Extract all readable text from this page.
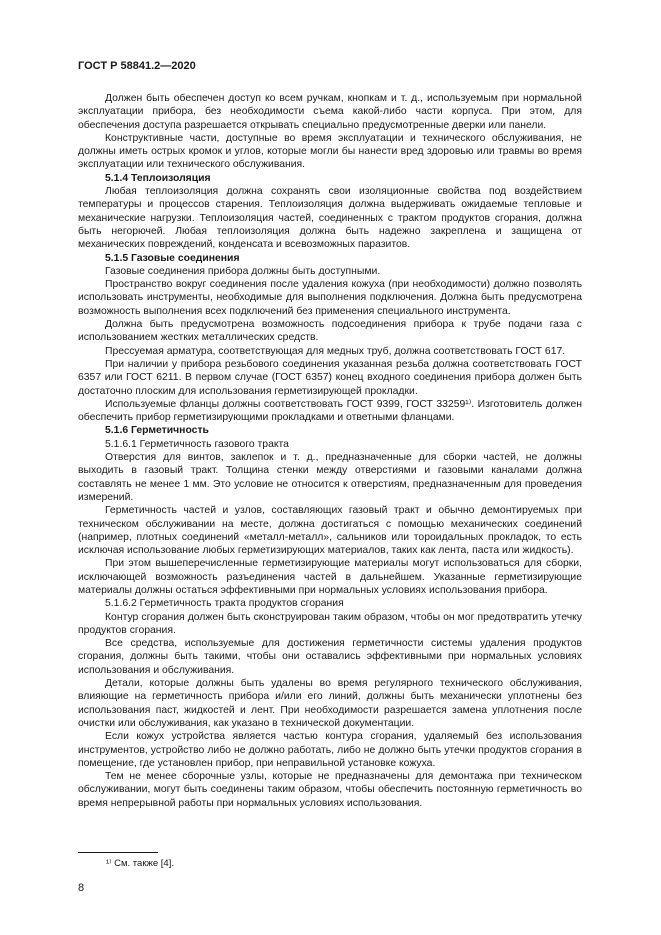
ГОСТ Р 58841.2—2020

Должен быть обеспечен доступ ко всем ручкам, кнопкам и т. д., используемым при нормальной эксплуатации прибора, без необходимости съема какой-либо части корпуса. При этом, для обеспечения доступа разрешается открывать специально предусмотренные дверки или панели.

Конструктивные части, доступные во время эксплуатации и технического обслуживания, не должны иметь острых кромок и углов, которые могли бы нанести вред здоровью или травмы во время эксплуатации или технического обслуживания.

5.1.4 Теплоизоляция

Любая теплоизоляция должна сохранять свои изоляционные свойства под воздействием температуры и процессов старения. Теплоизоляция должна выдерживать ожидаемые тепловые и механические нагрузки. Теплоизоляция частей, соединенных с трактом продуктов сгорания, должна быть негорючей. Любая теплоизоляция должна быть надежно закреплена и защищена от механических повреждений, конденсата и всевозможных паразитов.

5.1.5 Газовые соединения

Газовые соединения прибора должны быть доступными.

Пространство вокруг соединения после удаления кожуха (при необходимости) должно позволять использовать инструменты, необходимые для выполнения подключения. Должна быть предусмотрена возможность выполнения всех подключений без применения специального инструмента.

Должна быть предусмотрена возможность подсоединения прибора к трубе подачи газа с использованием жестких металлических средств.

Прессуемая арматура, соответствующая для медных труб, должна соответствовать ГОСТ 617.

При наличии у прибора резьбового соединения указанная резьба должна соответствовать ГОСТ 6357 или ГОСТ 6211. В первом случае (ГОСТ 6357) конец входного соединения прибора должен быть достаточно плоским для использования герметизирующей прокладки.

Используемые фланцы должны соответствовать ГОСТ 9399, ГОСТ 33259¹⁾. Изготовитель должен обеспечить прибор герметизирующими прокладками и ответными фланцами.

5.1.6 Герметичность

5.1.6.1 Герметичность газового тракта

Отверстия для винтов, заклепок и т. д., предназначенные для сборки частей, не должны выходить в газовый тракт. Толщина стенки между отверстиями и газовыми каналами должна составлять не менее 1 мм. Это условие не относится к отверстиям, предназначенным для проведения измерений.

Герметичность частей и узлов, составляющих газовый тракт и обычно демонтируемых при техническом обслуживании на месте, должна достигаться с помощью механических соединений (например, плотных соединений «металл-металл», сальников или тороидальных прокладок, то есть исключая использование любых герметизирующих материалов, таких как лента, паста или жидкость).

При этом вышеперечисленные герметизирующие материалы могут использоваться для сборки, исключающей возможность разъединения частей в дальнейшем. Указанные герметизирующие материалы должны остаться эффективными при нормальных условиях использования прибора.

5.1.6.2 Герметичность тракта продуктов сгорания

Контур сгорания должен быть сконструирован таким образом, чтобы он мог предотвратить утечку продуктов сгорания.

Все средства, используемые для достижения герметичности системы удаления продуктов сгорания, должны быть такими, чтобы они оставались эффективными при нормальных условиях использования и обслуживания.

Детали, которые должны быть удалены во время регулярного технического обслуживания, влияющие на герметичность прибора и/или его линий, должны быть механически уплотнены без использования паст, жидкостей и лент. При необходимости разрешается замена уплотнения после очистки или обслуживания, как указано в технической документации.

Если кожух устройства является частью контура сгорания, удаляемый без использования инструментов, устройство либо не должно работать, либо не должно быть утечки продуктов сгорания в помещение, где установлен прибор, при неправильной установке кожуха.

Тем не менее сборочные узлы, которые не предназначены для демонтажа при техническом обслуживании, могут быть соединены таким образом, чтобы обеспечить постоянную герметичность во время непрерывной работы при нормальных условиях использования.

¹⁾ См. также [4].
8
